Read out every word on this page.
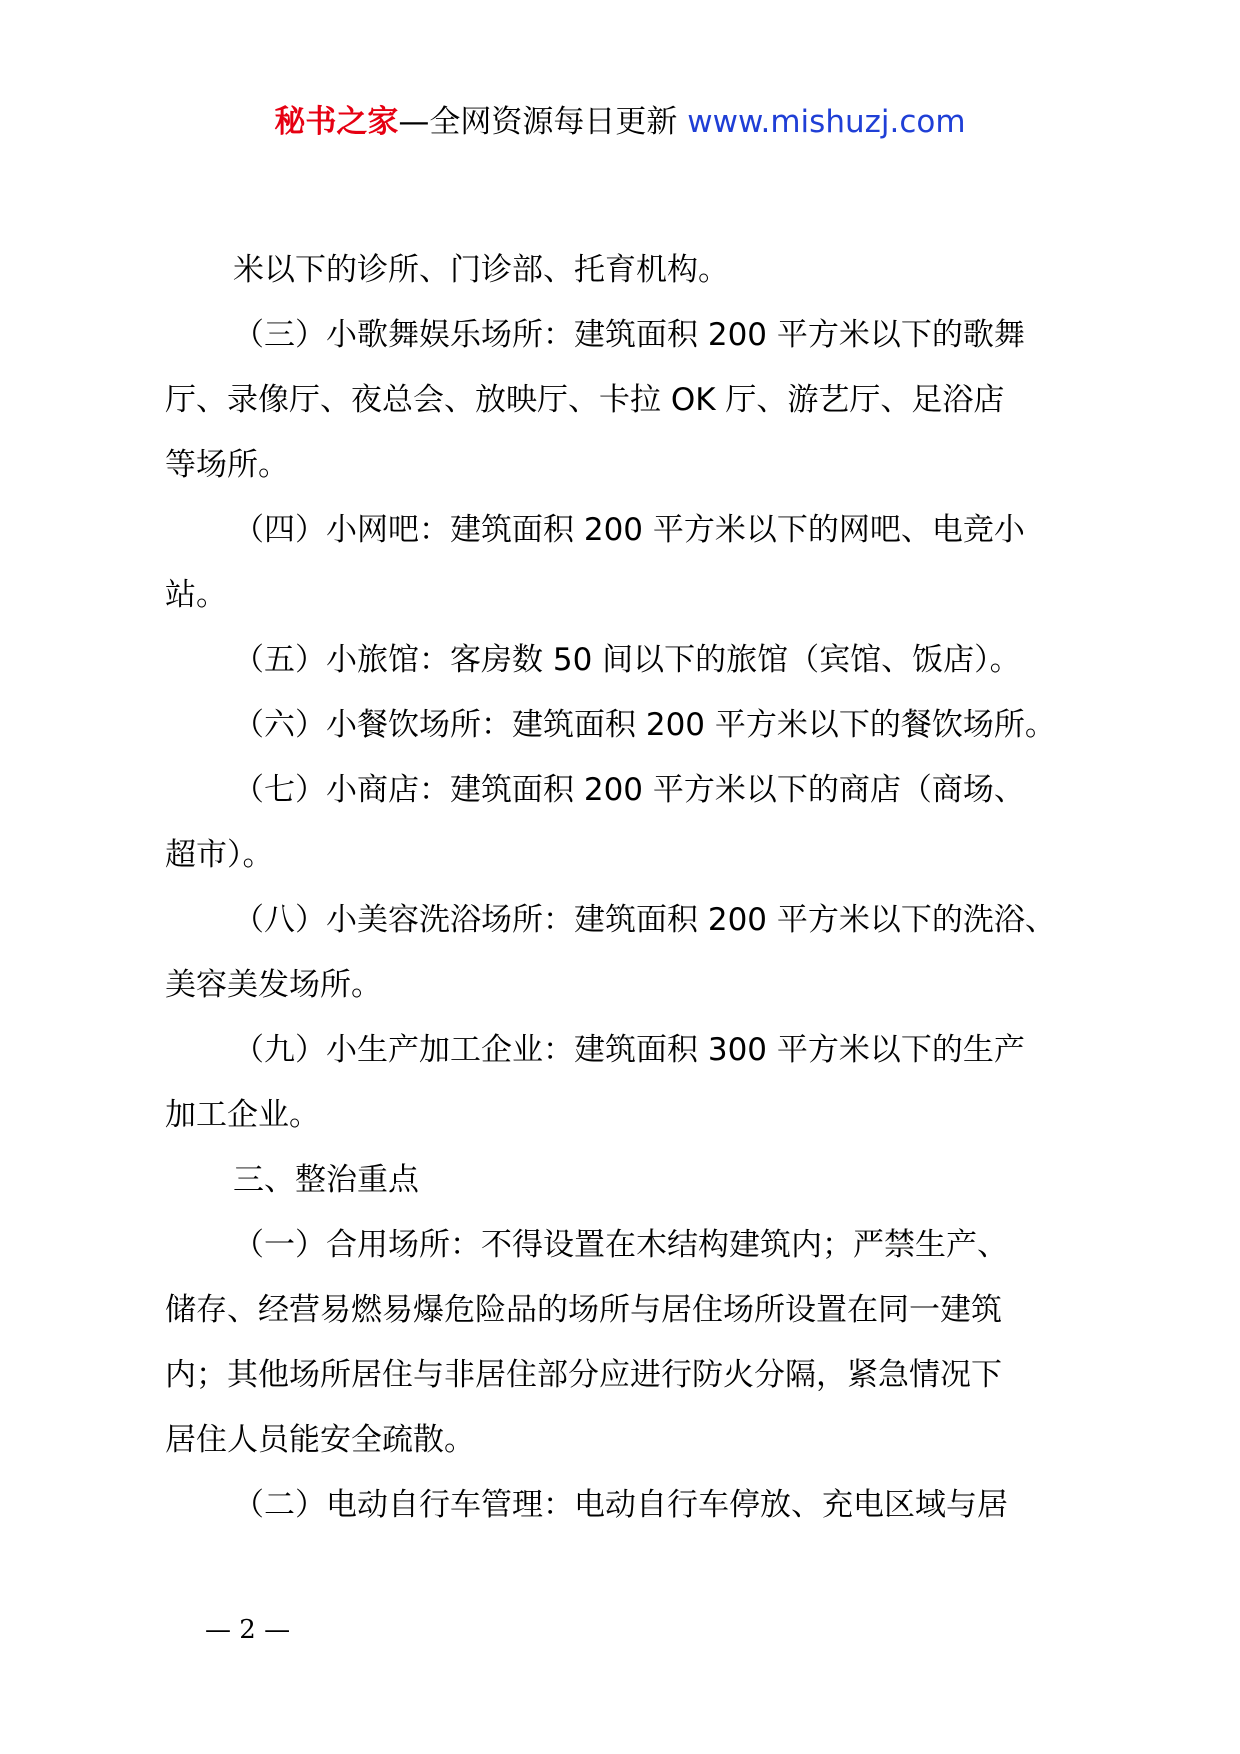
秘书之家—全网资源每日更新 www.mishuzj.com
米以下的诊所、门诊部、托育机构。
（三）小歌舞娱乐场所：建筑面积 200 平方米以下的歌舞
厅、录像厅、夜总会、放映厅、卡拉 OK 厅、游艺厅、足浴店
等场所。
（四）小网吧：建筑面积 200 平方米以下的网吧、电竞小
站。
（五）小旅馆：客房数 50 间以下的旅馆（宾馆、饭店）。
（六）小餐饮场所：建筑面积 200 平方米以下的餐饮场所。
（七）小商店：建筑面积 200 平方米以下的商店（商场、
超市）。
（八）小美容洗浴场所：建筑面积 200 平方米以下的洗浴、
美容美发场所。
（九）小生产加工企业：建筑面积 300 平方米以下的生产
加工企业。
三、整治重点
（一）合用场所：不得设置在木结构建筑内；严禁生产、
储存、经营易燃易爆危险品的场所与居住场所设置在同一建筑
内；其他场所居住与非居住部分应进行防火分隔，紧急情况下
居住人员能安全疏散。
（二）电动自行车管理：电动自行车停放、充电区域与居
— 2 —
